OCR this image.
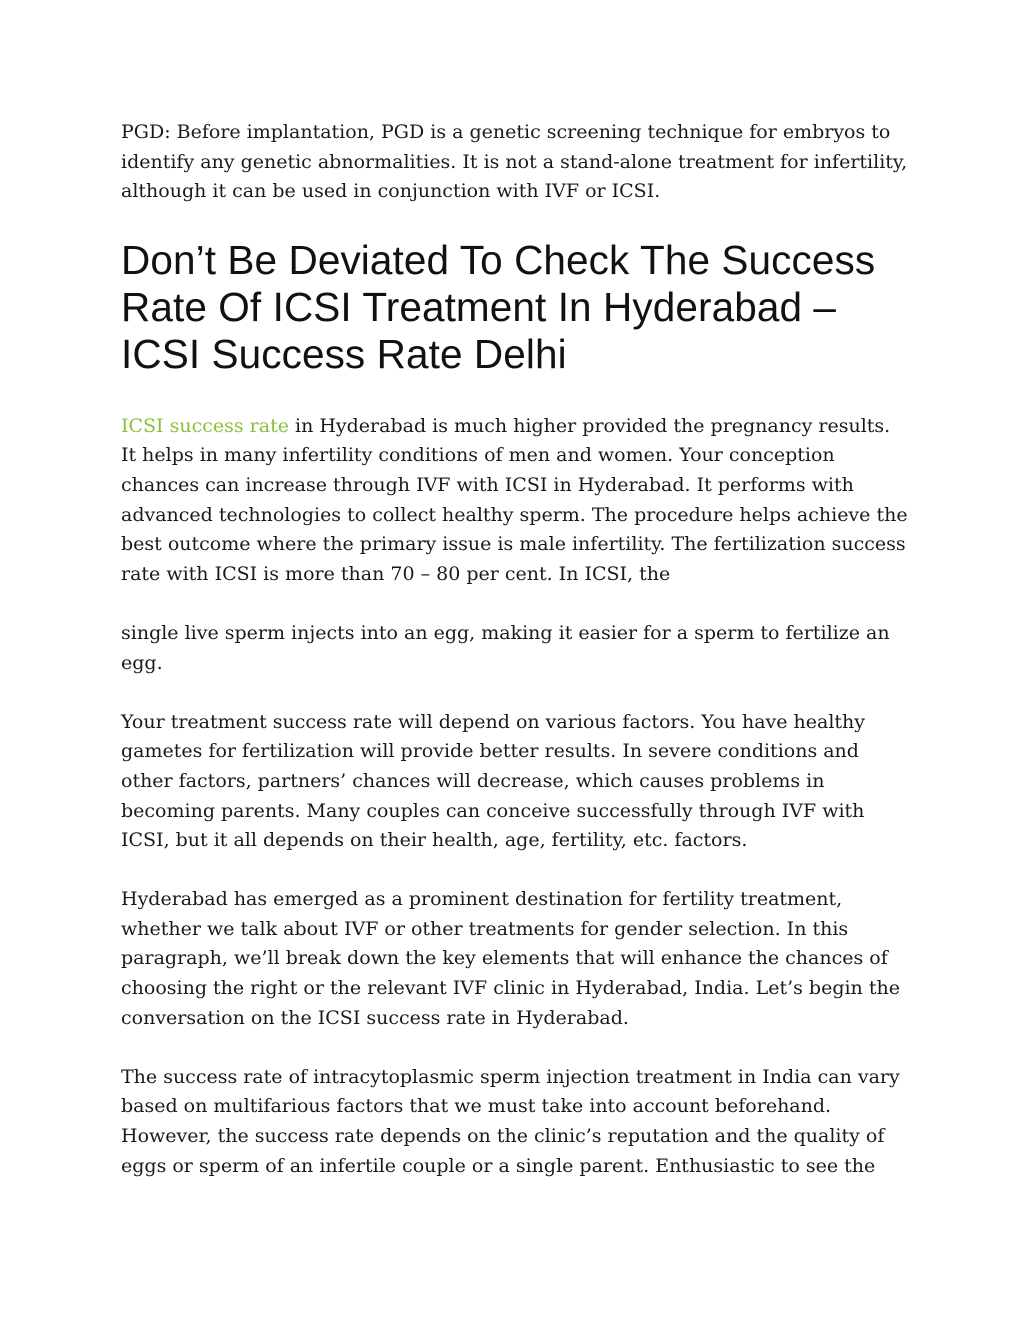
PGD: Before implantation, PGD is a genetic screening technique for embryos to identify any genetic abnormalities. It is not a stand-alone treatment for infertility, although it can be used in conjunction with IVF or ICSI.

Don’t Be Deviated To Check The Success Rate Of ICSI Treatment In Hyderabad – ICSI Success Rate Delhi

ICSI success rate in Hyderabad is much higher provided the pregnancy results. It helps in many infertility conditions of men and women. Your conception chances can increase through IVF with ICSI in Hyderabad. It performs with advanced technologies to collect healthy sperm. The procedure helps achieve the best outcome where the primary issue is male infertility. The fertilization success rate with ICSI is more than 70 – 80 per cent. In ICSI, the

single live sperm injects into an egg, making it easier for a sperm to fertilize an egg.

Your treatment success rate will depend on various factors. You have healthy gametes for fertilization will provide better results. In severe conditions and other factors, partners’ chances will decrease, which causes problems in becoming parents. Many couples can conceive successfully through IVF with ICSI, but it all depends on their health, age, fertility, etc. factors.

Hyderabad has emerged as a prominent destination for fertility treatment, whether we talk about IVF or other treatments for gender selection. In this paragraph, we’ll break down the key elements that will enhance the chances of choosing the right or the relevant IVF clinic in Hyderabad, India. Let’s begin the conversation on the ICSI success rate in Hyderabad.

The success rate of intracytoplasmic sperm injection treatment in India can vary based on multifarious factors that we must take into account beforehand. However, the success rate depends on the clinic’s reputation and the quality of eggs or sperm of an infertile couple or a single parent. Enthusiastic to see the
